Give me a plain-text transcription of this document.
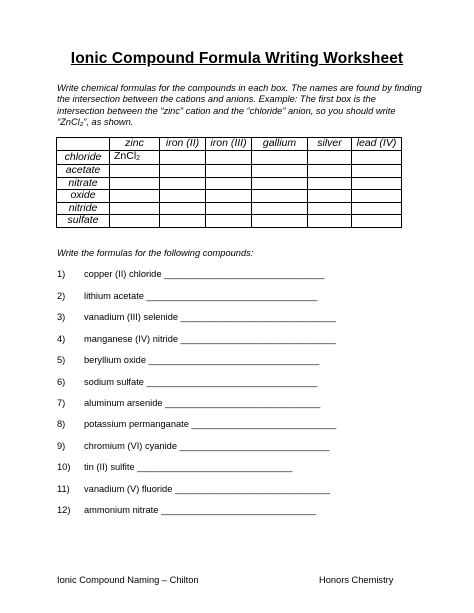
Ionic Compound Formula Writing Worksheet
Write chemical formulas for the compounds in each box. The names are found by finding the intersection between the cations and anions. Example: The first box is the intersection between the “zinc” cation and the “chloride” anion, so you should write “ZnCl₂”, as shown.
	zinc	iron (II)	iron (III)	gallium	silver	lead (IV)
chloride	ZnCl2					
acetate						
nitrate						
oxide						
nitride						
sulfate						
Write the formulas for the following compounds:
1) copper (II) chloride _______________________________
2) lithium acetate _________________________________
3) vanadium (III) selenide ______________________________
4) manganese (IV) nitride ______________________________
5) beryllium oxide _________________________________
6) sodium sulfate _________________________________
7) aluminum arsenide ______________________________
8) potassium permanganate ____________________________
9) chromium (VI) cyanide _____________________________
10) tin (II) sulfite ______________________________
11) vanadium (V) fluoride ______________________________
12) ammonium nitrate ______________________________
Ionic Compound Naming – Chilton	Honors Chemistry
